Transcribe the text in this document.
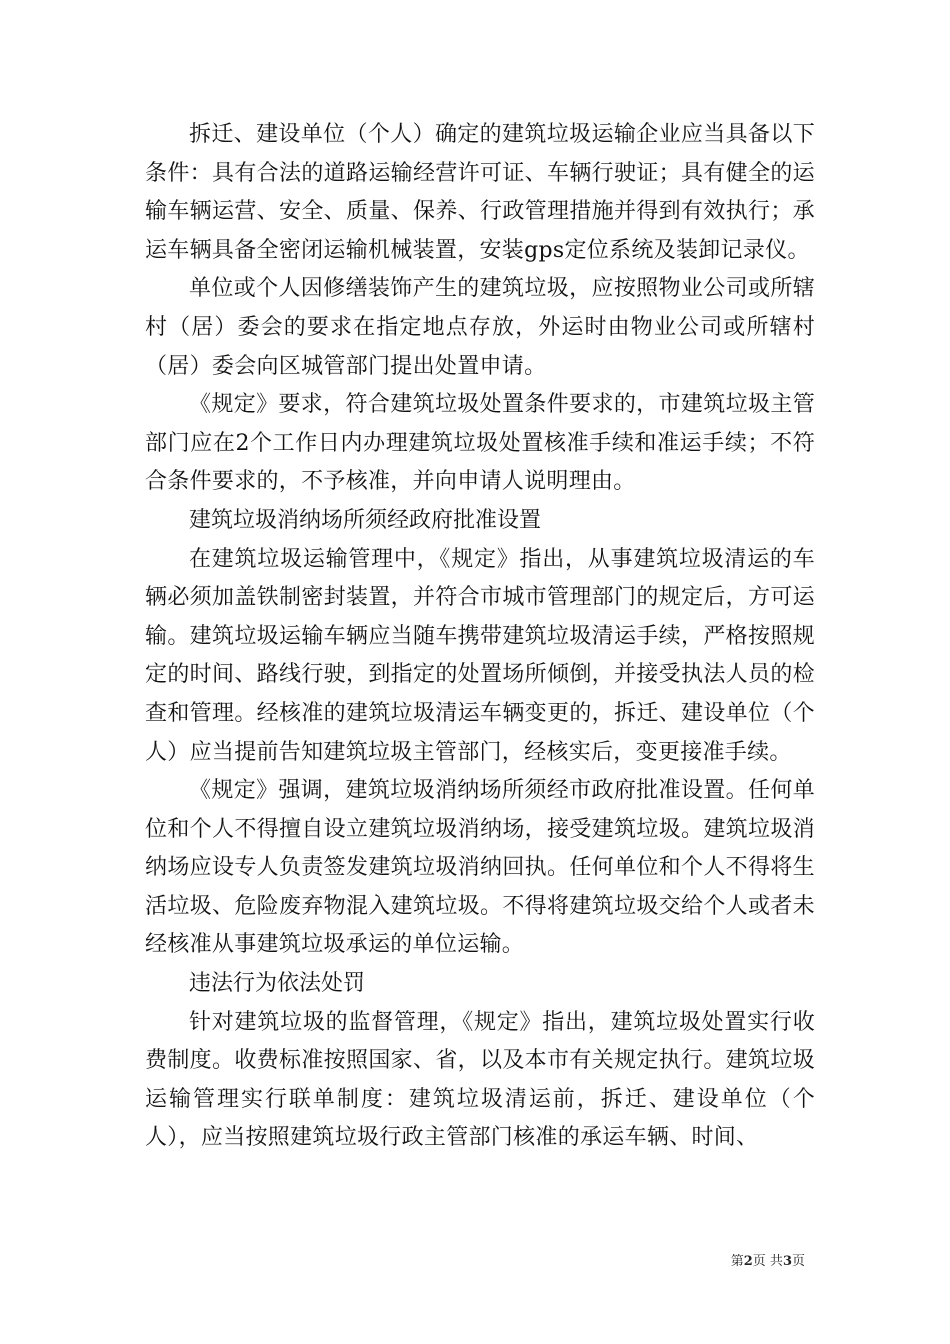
拆迁、建设单位（个人）确定的建筑垃圾运输企业应当具备以下条件：具有合法的道路运输经营许可证、车辆行驶证；具有健全的运输车辆运营、安全、质量、保养、行政管理措施并得到有效执行；承运车辆具备全密闭运输机械装置，安装gps定位系统及装卸记录仪。

单位或个人因修缮装饰产生的建筑垃圾，应按照物业公司或所辖村（居）委会的要求在指定地点存放，外运时由物业公司或所辖村（居）委会向区城管部门提出处置申请。

《规定》要求，符合建筑垃圾处置条件要求的，市建筑垃圾主管部门应在2个工作日内办理建筑垃圾处置核准手续和准运手续；不符合条件要求的，不予核准，并向申请人说明理由。

建筑垃圾消纳场所须经政府批准设置

在建筑垃圾运输管理中，《规定》指出，从事建筑垃圾清运的车辆必须加盖铁制密封装置，并符合市城市管理部门的规定后，方可运输。建筑垃圾运输车辆应当随车携带建筑垃圾清运手续，严格按照规定的时间、路线行驶，到指定的处置场所倾倒，并接受执法人员的检查和管理。经核准的建筑垃圾清运车辆变更的，拆迁、建设单位（个人）应当提前告知建筑垃圾主管部门，经核实后，变更接准手续。

《规定》强调，建筑垃圾消纳场所须经市政府批准设置。任何单位和个人不得擅自设立建筑垃圾消纳场，接受建筑垃圾。建筑垃圾消纳场应设专人负责签发建筑垃圾消纳回执。任何单位和个人不得将生活垃圾、危险废弃物混入建筑垃圾。不得将建筑垃圾交给个人或者未经核准从事建筑垃圾承运的单位运输。

违法行为依法处罚

针对建筑垃圾的监督管理，《规定》指出，建筑垃圾处置实行收费制度。收费标准按照国家、省，以及本市有关规定执行。建筑垃圾运输管理实行联单制度：建筑垃圾清运前，拆迁、建设单位（个人），应当按照建筑垃圾行政主管部门核准的承运车辆、时间、

第2页 共3页
